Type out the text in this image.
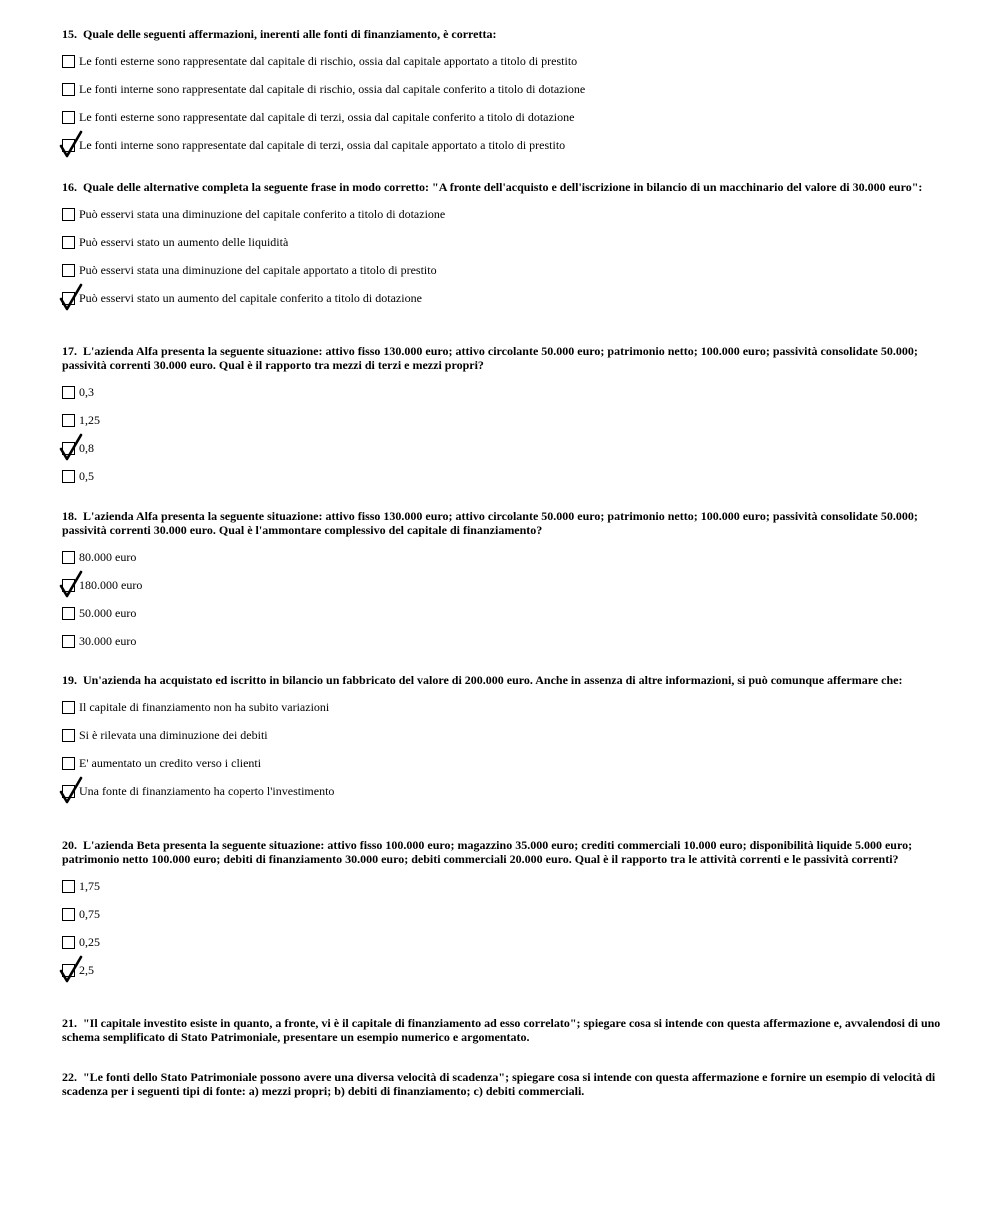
15. Quale delle seguenti affermazioni, inerenti alle fonti di finanziamento, è corretta:

Le fonti esterne sono rappresentate dal capitale di rischio, ossia dal capitale apportato a titolo di prestito
Le fonti interne sono rappresentate dal capitale di rischio, ossia dal capitale conferito a titolo di dotazione
Le fonti esterne sono rappresentate dal capitale di terzi, ossia dal capitale conferito a titolo di dotazione
Le fonti interne sono rappresentate dal capitale di terzi, ossia dal capitale apportato a titolo di prestito

16. Quale delle alternative completa la seguente frase in modo corretto: "A fronte dell'acquisto e dell'iscrizione in bilancio di un macchinario del valore di 30.000 euro":

Può esservi stata una diminuzione del capitale conferito a titolo di dotazione
Può esservi stato un aumento delle liquidità
Può esservi stata una diminuzione del capitale apportato a titolo di prestito
Può esservi stato un aumento del capitale conferito a titolo di dotazione

17. L'azienda Alfa presenta la seguente situazione: attivo fisso 130.000 euro; attivo circolante 50.000 euro; patrimonio netto; 100.000 euro; passività consolidate 50.000; passività correnti 30.000 euro. Qual è il rapporto tra mezzi di terzi e mezzi propri?

0,3
1,25
0,8
0,5

18. L'azienda Alfa presenta la seguente situazione: attivo fisso 130.000 euro; attivo circolante 50.000 euro; patrimonio netto; 100.000 euro; passività consolidate 50.000; passività correnti 30.000 euro. Qual è l'ammontare complessivo del capitale di finanziamento?

80.000 euro
180.000 euro
50.000 euro
30.000 euro

19. Un'azienda ha acquistato ed iscritto in bilancio un fabbricato del valore di 200.000 euro. Anche in assenza di altre informazioni, si può comunque affermare che:

Il capitale di finanziamento non ha subito variazioni
Si è rilevata una diminuzione dei debiti
E' aumentato un credito verso i clienti
Una fonte di finanziamento ha coperto l'investimento

20. L'azienda Beta presenta la seguente situazione: attivo fisso 100.000 euro; magazzino 35.000 euro; crediti commerciali 10.000 euro; disponibilità liquide 5.000 euro; patrimonio netto 100.000 euro; debiti di finanziamento 30.000 euro; debiti commerciali 20.000 euro. Qual è il rapporto tra le attività correnti e le passività correnti?

1,75
0,75
0,25
2,5

21. "Il capitale investito esiste in quanto, a fronte, vi è il capitale di finanziamento ad esso correlato"; spiegare cosa si intende con questa affermazione e, avvalendosi di uno schema semplificato di Stato Patrimoniale, presentare un esempio numerico e argomentato.

22. "Le fonti dello Stato Patrimoniale possono avere una diversa velocità di scadenza"; spiegare cosa si intende con questa affermazione e fornire un esempio di velocità di scadenza per i seguenti tipi di fonte: a) mezzi propri; b) debiti di finanziamento; c) debiti commerciali.
